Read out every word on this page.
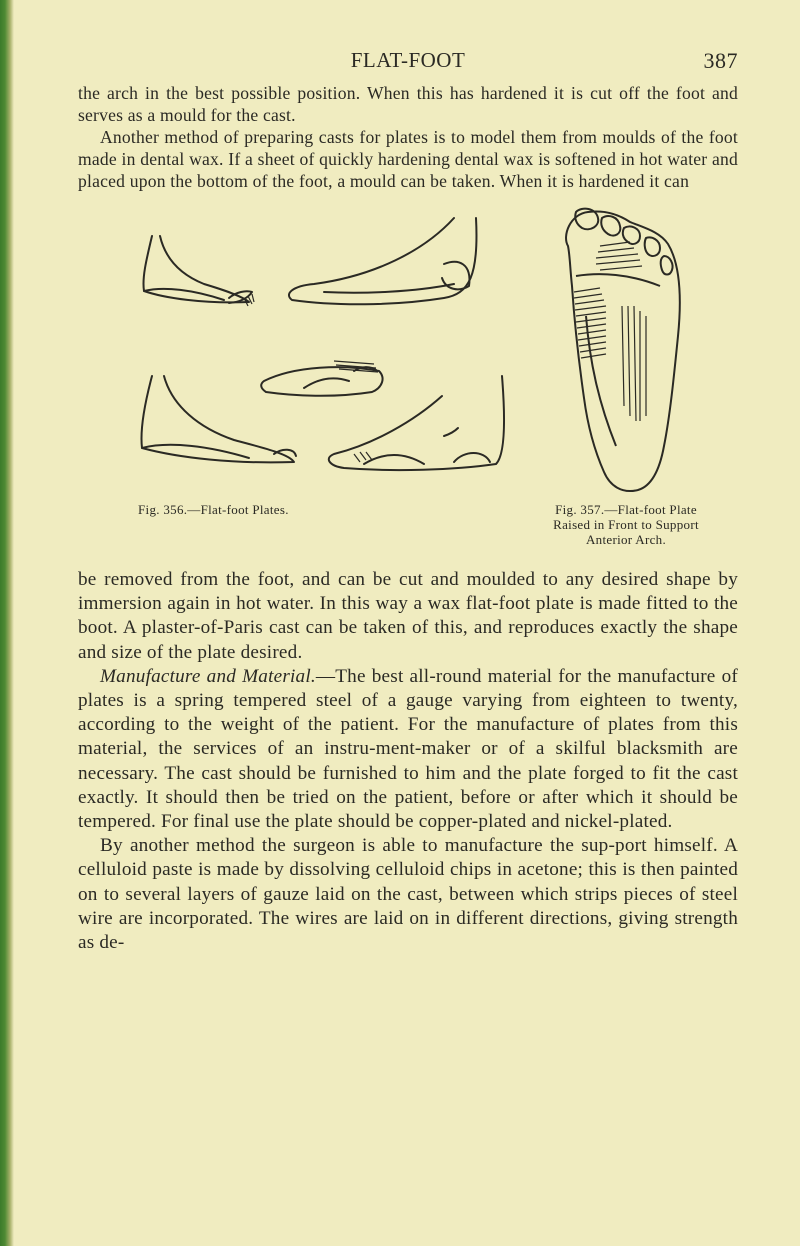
FLAT-FOOT	387

the arch in the best possible position. When this has hardened it is cut off the foot and serves as a mould for the cast.

Another method of preparing casts for plates is to model them from moulds of the foot made in dental wax. If a sheet of quickly hardening dental wax is softened in hot water and placed upon the bottom of the foot, a mould can be taken. When it is hardened it can

Fig. 356.—Flat-foot Plates.	Fig. 357.—Flat-foot Plate
Raised in Front to Support
Anterior Arch.

be removed from the foot, and can be cut and moulded to any desired shape by immersion again in hot water. In this way a wax flat-foot plate is made fitted to the boot. A plaster-of-Paris cast can be taken of this, and reproduces exactly the shape and size of the plate desired.

Manufacture and Material.—The best all-round material for the manufacture of plates is a spring tempered steel of a gauge varying from eighteen to twenty, according to the weight of the patient. For the manufacture of plates from this material, the services of an instru-ment-maker or of a skilful blacksmith are necessary. The cast should be furnished to him and the plate forged to fit the cast exactly. It should then be tried on the patient, before or after which it should be tempered. For final use the plate should be copper-plated and nickel-plated.

By another method the surgeon is able to manufacture the sup-port himself. A celluloid paste is made by dissolving celluloid chips in acetone; this is then painted on to several layers of gauze laid on the cast, between which strips pieces of steel wire are incorporated. The wires are laid on in different directions, giving strength as de-
